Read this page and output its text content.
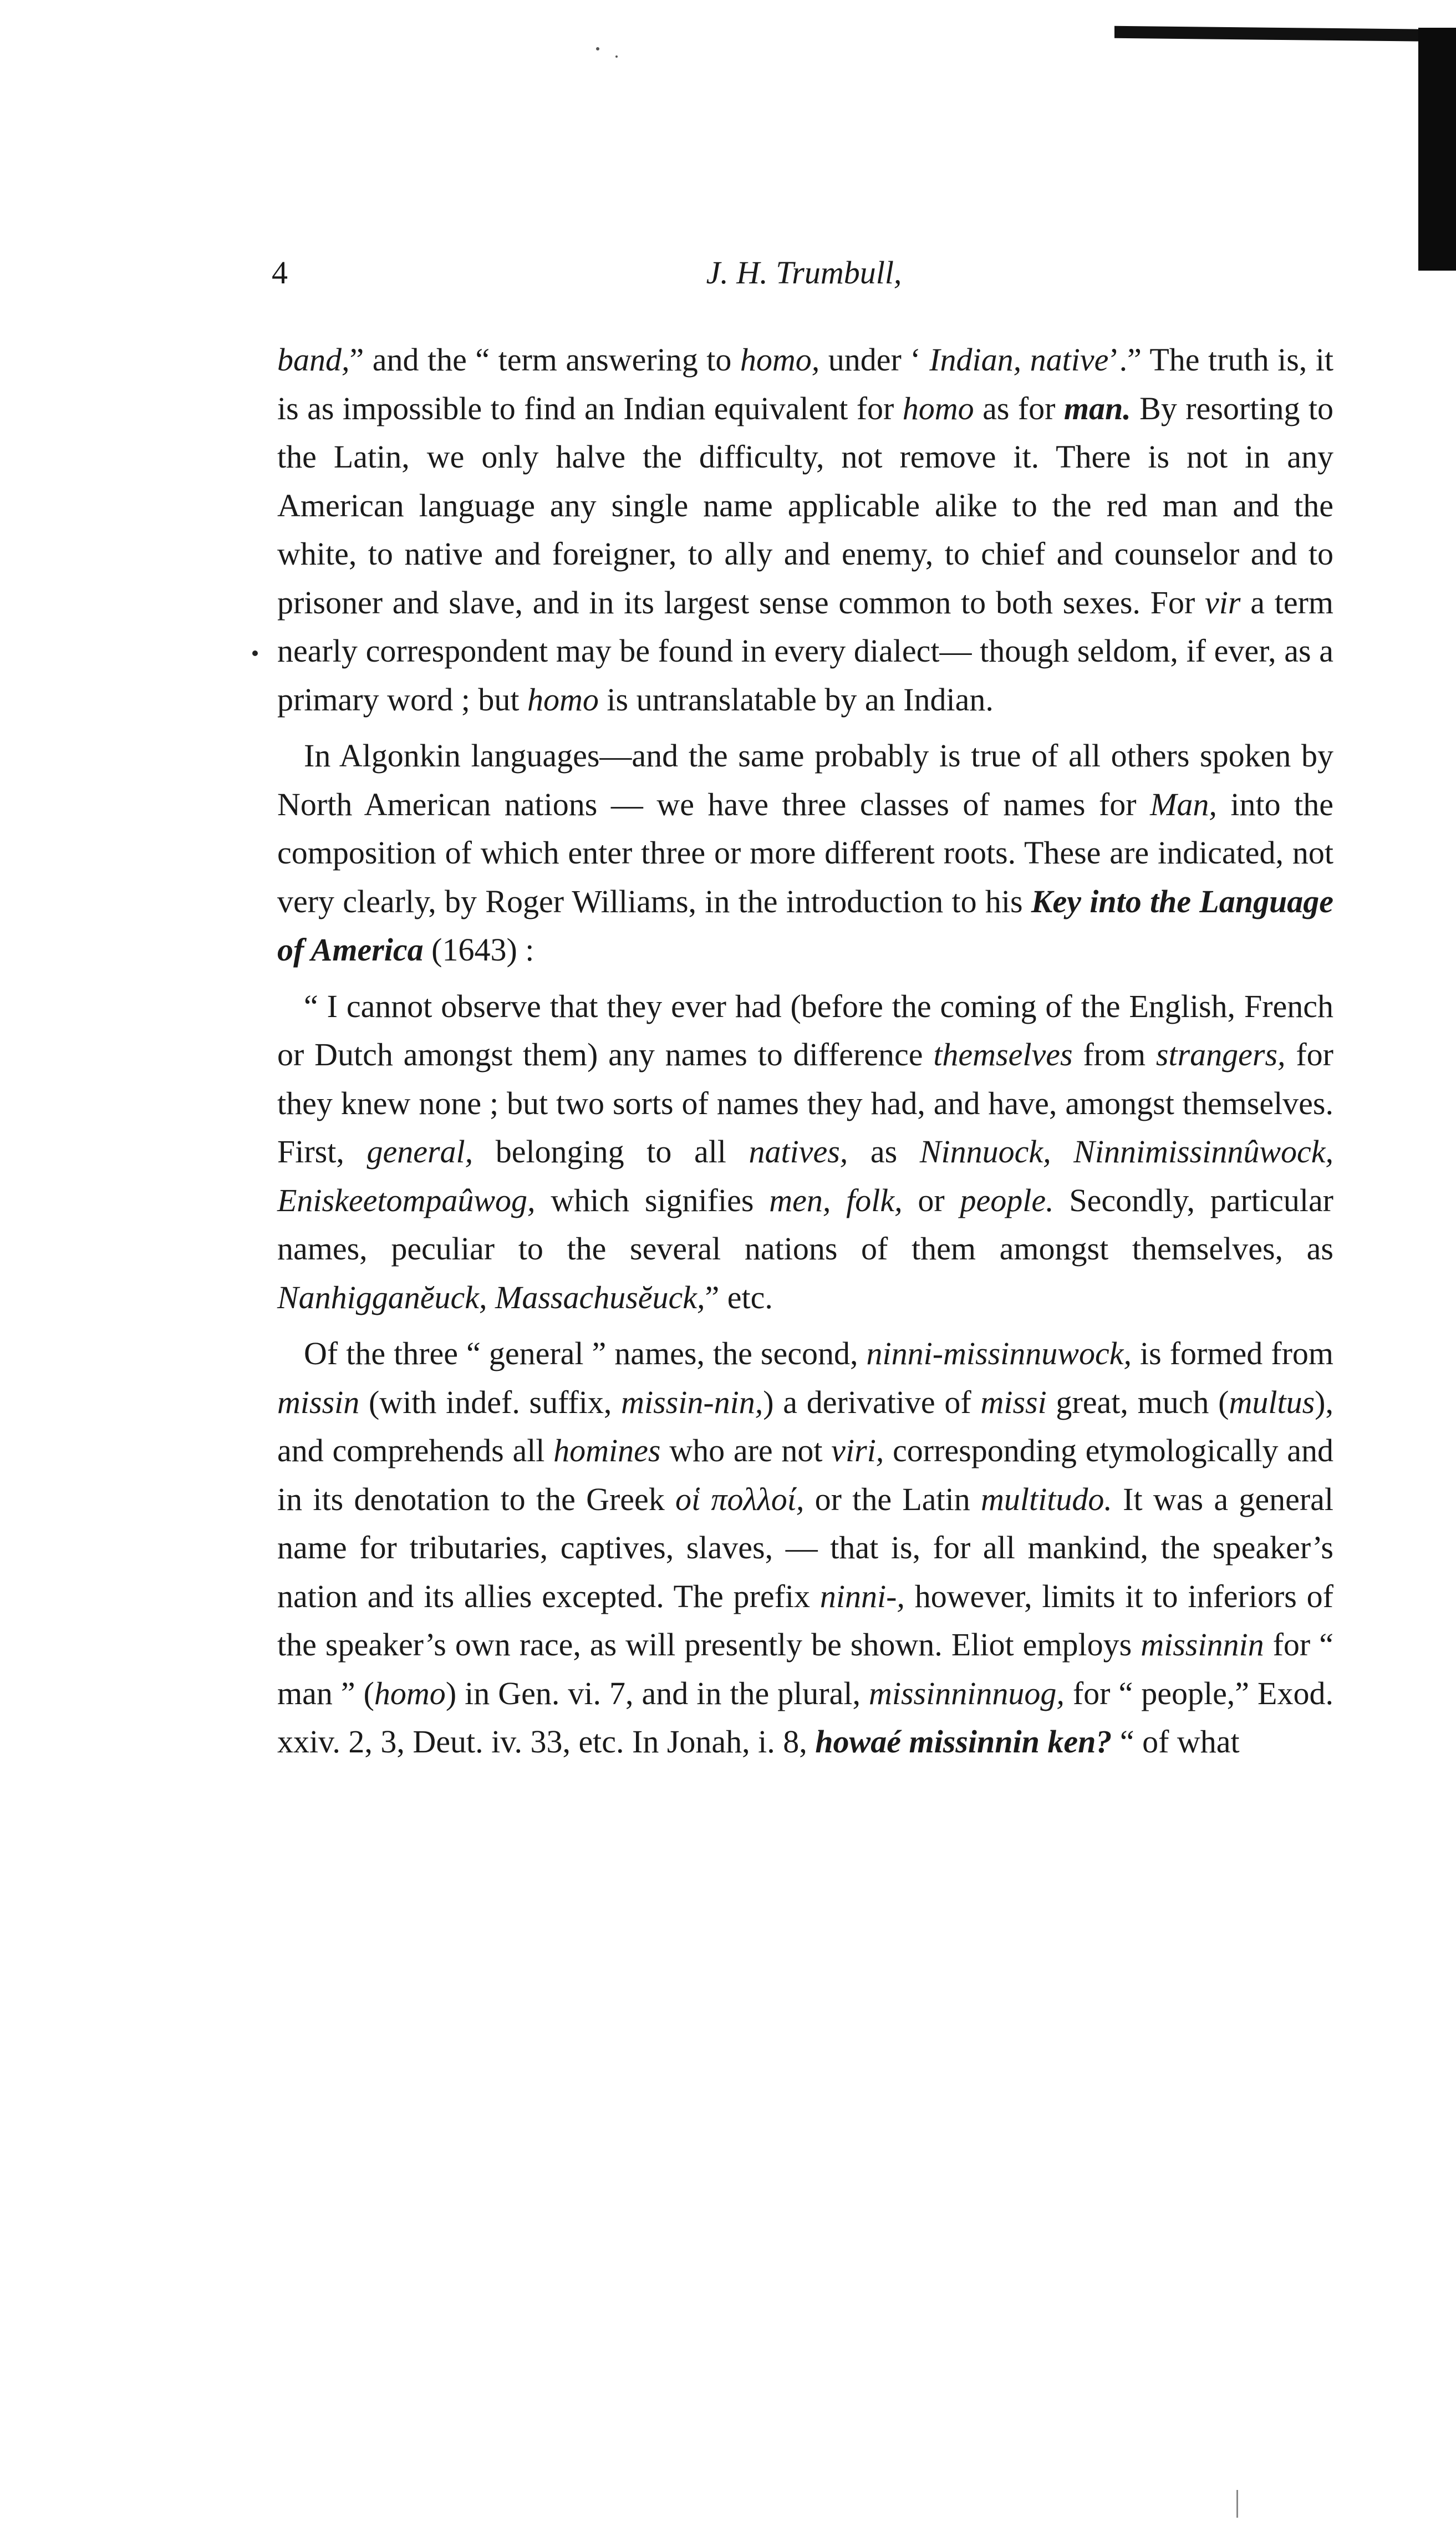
4	J. H. Trumbull,

band,” and the “ term answering to homo, under ‘ Indian, native’.” The truth is, it is as impossible to find an Indian equivalent for homo as for man. By resorting to the Latin, we only halve the difficulty, not remove it. There is not in any American language any single name applicable alike to the red man and the white, to native and foreigner, to ally and enemy, to chief and counselor and to prisoner and slave, and in its largest sense common to both sexes. For vir a term nearly correspondent may be found in every dialect— though seldom, if ever, as a primary word ; but homo is untranslatable by an Indian.

In Algonkin languages—and the same probably is true of all others spoken by North American nations — we have three classes of names for Man, into the composition of which enter three or more different roots. These are indicated, not very clearly, by Roger Williams, in the introduction to his Key into the Language of America (1643) :

“ I cannot observe that they ever had (before the coming of the English, French or Dutch amongst them) any names to difference themselves from strangers, for they knew none ; but two sorts of names they had, and have, amongst themselves. First, general, belonging to all natives, as Ninnuock, Ninnimissinnûwock, Eniskeetompaûwog, which signifies men, folk, or people. Secondly, particular names, peculiar to the several nations of them amongst themselves, as Nanhigganĕuck, Massachusĕuck,” etc.

Of the three “ general ” names, the second, ninni-missinnuwock, is formed from missin (with indef. suffix, missin-nin,) a derivative of missi great, much (multus), and comprehends all homines who are not viri, corresponding etymologically and in its denotation to the Greek οἱ πολλοί, or the Latin multitudo. It was a general name for tributaries, captives, slaves, — that is, for all mankind, the speaker’s nation and its allies excepted. The prefix ninni-, however, limits it to inferiors of the speaker’s own race, as will presently be shown. Eliot employs missinnin for “ man ” (homo) in Gen. vi. 7, and in the plural, missinninnuog, for “ people,” Exod. xxiv. 2, 3, Deut. iv. 33, etc. In Jonah, i. 8, howaé missinnin ken? “ of what
